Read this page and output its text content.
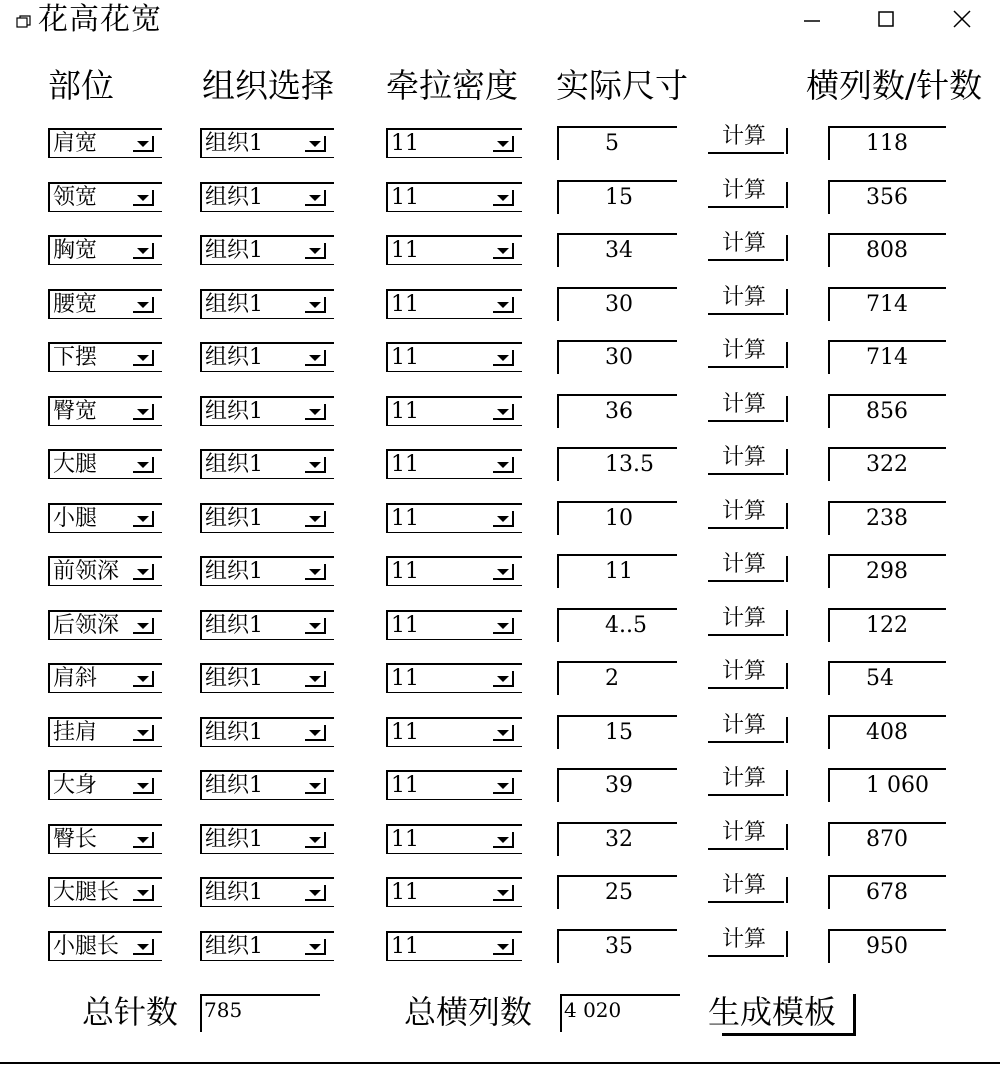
花高花宽
部位	组织选择 牵拉密度 实际尺寸	横列数/针数
肩宽	组织1	11	5	计算	118
领宽	组织1	11	15	计算	356
胸宽	组织1	11	34	计算	808
腰宽	组织1	11	30	计算	714
下摆	组织1	11	30	计算	714
臀宽	组织1	11	36	计算	856
大腿	组织1	11	13.5	计算	322
小腿	组织1	11	10	计算	238
前领深	组织1	11	11	计算	298
后领深	组织1	11	4..5	计算	122
肩斜	组织1	11	2	计算	54
挂肩	组织1	11	15	计算	408
大身	组织1	11	39	计算	1 060
臀长	组织1	11	32	计算	870
大腿长	组织1	11	25	计算	678
小腿长	组织1	11	35	计算	950
总针数 785	总横列数 4 020	生成模板
